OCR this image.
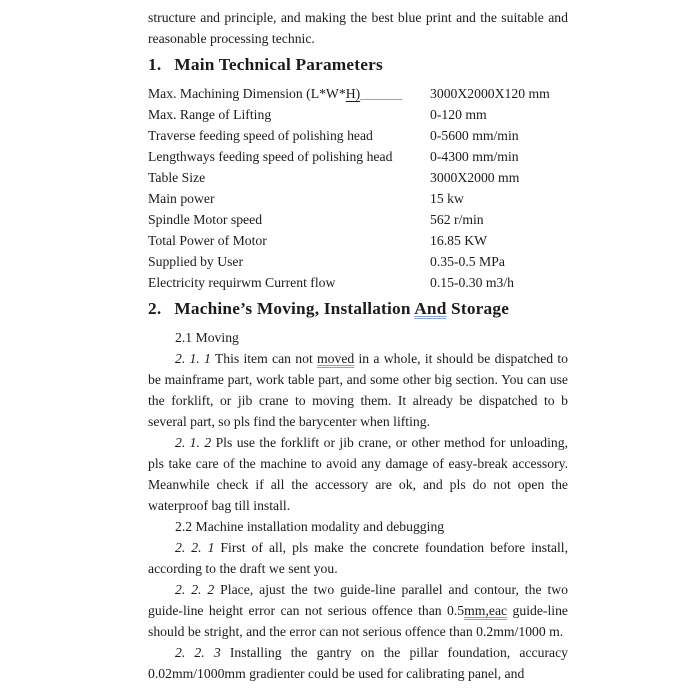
structure and principle, and making the best blue print and the suitable and reasonable processing technic.

1. Main Technical Parameters
Max. Machining Dimension (L*W*H)	3000X2000X120 mm
Max. Range of Lifting	0-120 mm
Traverse feeding speed of polishing head	0-5600 mm/min
Lengthways feeding speed of polishing head	0-4300 mm/min
Table Size	3000X2000 mm
Main power	15 kw
Spindle Motor speed	562 r/min
Total Power of Motor	16.85 KW
Supplied by User	0.35-0.5 MPa
Electricity requirwm Current flow	0.15-0.30 m3/h
2. Machine’s Moving, Installation And Storage

2.1 Moving

2. 1. 1 This item can not moved in a whole, it should be dispatched to be mainframe part, work table part, and some other big section. You can use the forklift, or jib crane to moving them. It already be dispatched to b several part, so pls find the barycenter when lifting.

2. 1. 2 Pls use the forklift or jib crane, or other method for unloading, pls take care of the machine to avoid any damage of easy-break accessory. Meanwhile check if all the accessory are ok, and pls do not open the waterproof bag till install.

2.2 Machine installation modality and debugging

2. 2. 1 First of all, pls make the concrete foundation before install, according to the draft we sent you.

2. 2. 2 Place, ajust the two guide-line parallel and contour, the two guide-line height error can not serious offence than 0.5mm,eac guide-line should be stright, and the error can not serious offence than 0.2mm/1000 m.

2. 2. 3 Installing the gantry on the pillar foundation, accuracy 0.02mm/1000mm gradienter could be used for calibrating panel, and
